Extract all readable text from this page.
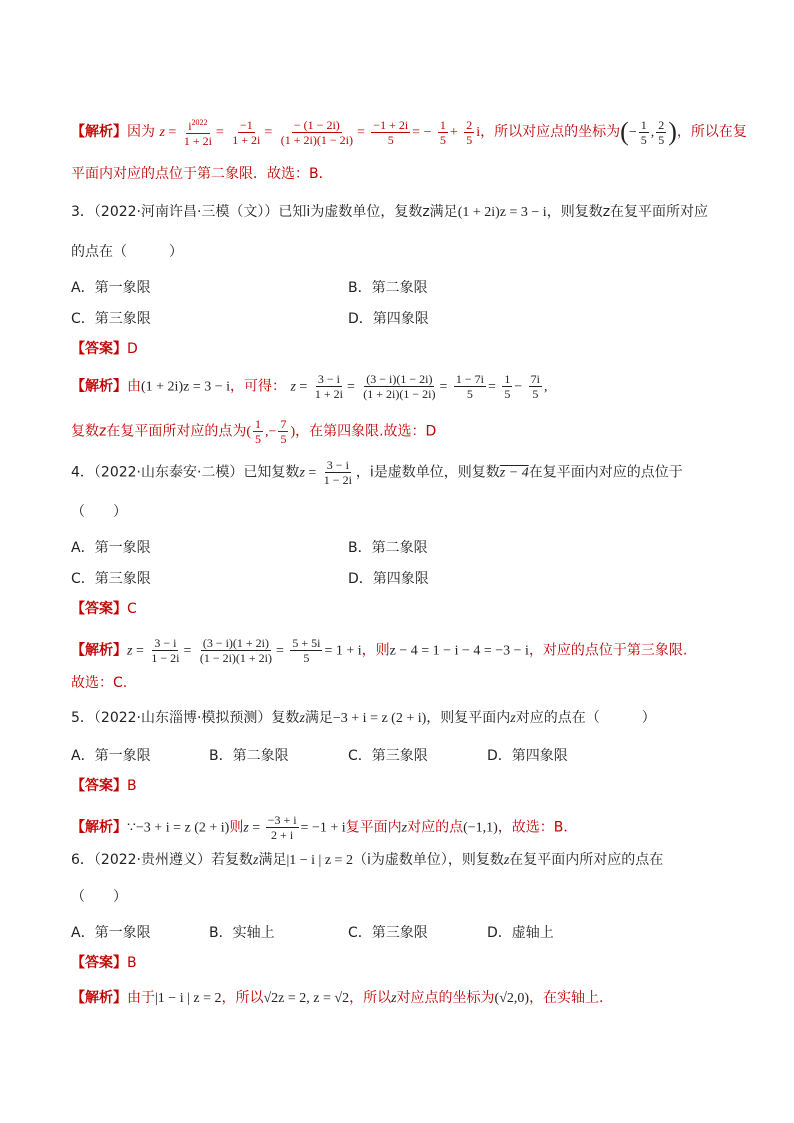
【解析】因为 $z = \frac{i^{2022}}{1 + 2i} = \frac{-1}{1 + 2i} = \frac{- (1 - 2i)}{(1 + 2i)(1 - 2i)} = \frac{-1 + 2i}{5}$ = − $\frac{1}{5} + \frac{2}{5}$ i，所以对应点的坐标为(− $\frac{1}{5}$ , $\frac{2}{5}$ )，所以在复
平面内对应的点位于第二象限．故选：B．
3．（2022·河南许昌·三模（文））已知i为虚数单位，复数z满足(1 + 2i)z = 3 − i，则复数z在复平面所对应
的点在（　　　）
A．第一象限	B．第二象限
C．第三象限	D．第四象限
【答案】D
【解析】由(1 + 2i)z = 3 − i，可得： $z = \frac{3 - i}{1 + 2i} = \frac{(3 - i)(1 - 2i)}{(1 + 2i)(1 - 2i)} = \frac{1 - 7i}{5} = \frac{1}{5} - \frac{7i}{5}$ ,
复数z在复平面所对应的点为( $\frac{1}{5}$ ,− $\frac{7}{5}$ )，在第四象限.故选：D
4．（2022·山东泰安·二模）已知复数$z = \frac{3 - i}{1 - 2i}$ ，i是虚数单位，则复数z − 4在复平面内对应的点位于
（　　）
A．第一象限	B．第二象限
C．第三象限	D．第四象限
【答案】C
【解析】$z = \frac{3 - i}{1 - 2i} = \frac{(3 - i)(1 + 2i)}{(1 - 2i)(1 + 2i)} = \frac{5 + 5i}{5} = 1 + i$，则z − 4 = 1 − i − 4 = −3 − i，对应的点位于第三象限.
故选：C.
5．（2022·山东淄博·模拟预测）复数z满足−3 + i = z (2 + i)，则复平面内z对应的点在（　　　）
A．第一象限	B．第二象限	C．第三象限	D．第四象限
【答案】B
【解析】∵−3 + i = z (2 + i)则$z = \frac{-3 + i}{2 + i} = -1 + i$复平面内z对应的点(−1,1)，故选：B．
6．（2022·贵州遵义）若复数z满足|1 − i | z = 2（i为虚数单位），则复数z在复平面内所对应的点在
（　　）
A．第一象限	B．实轴上	C．第三象限	D．虚轴上
【答案】B
【解析】由于|1 − i | z = 2，所以√2z = 2, z = √2，所以z对应点的坐标为(√2,0)，在实轴上.
